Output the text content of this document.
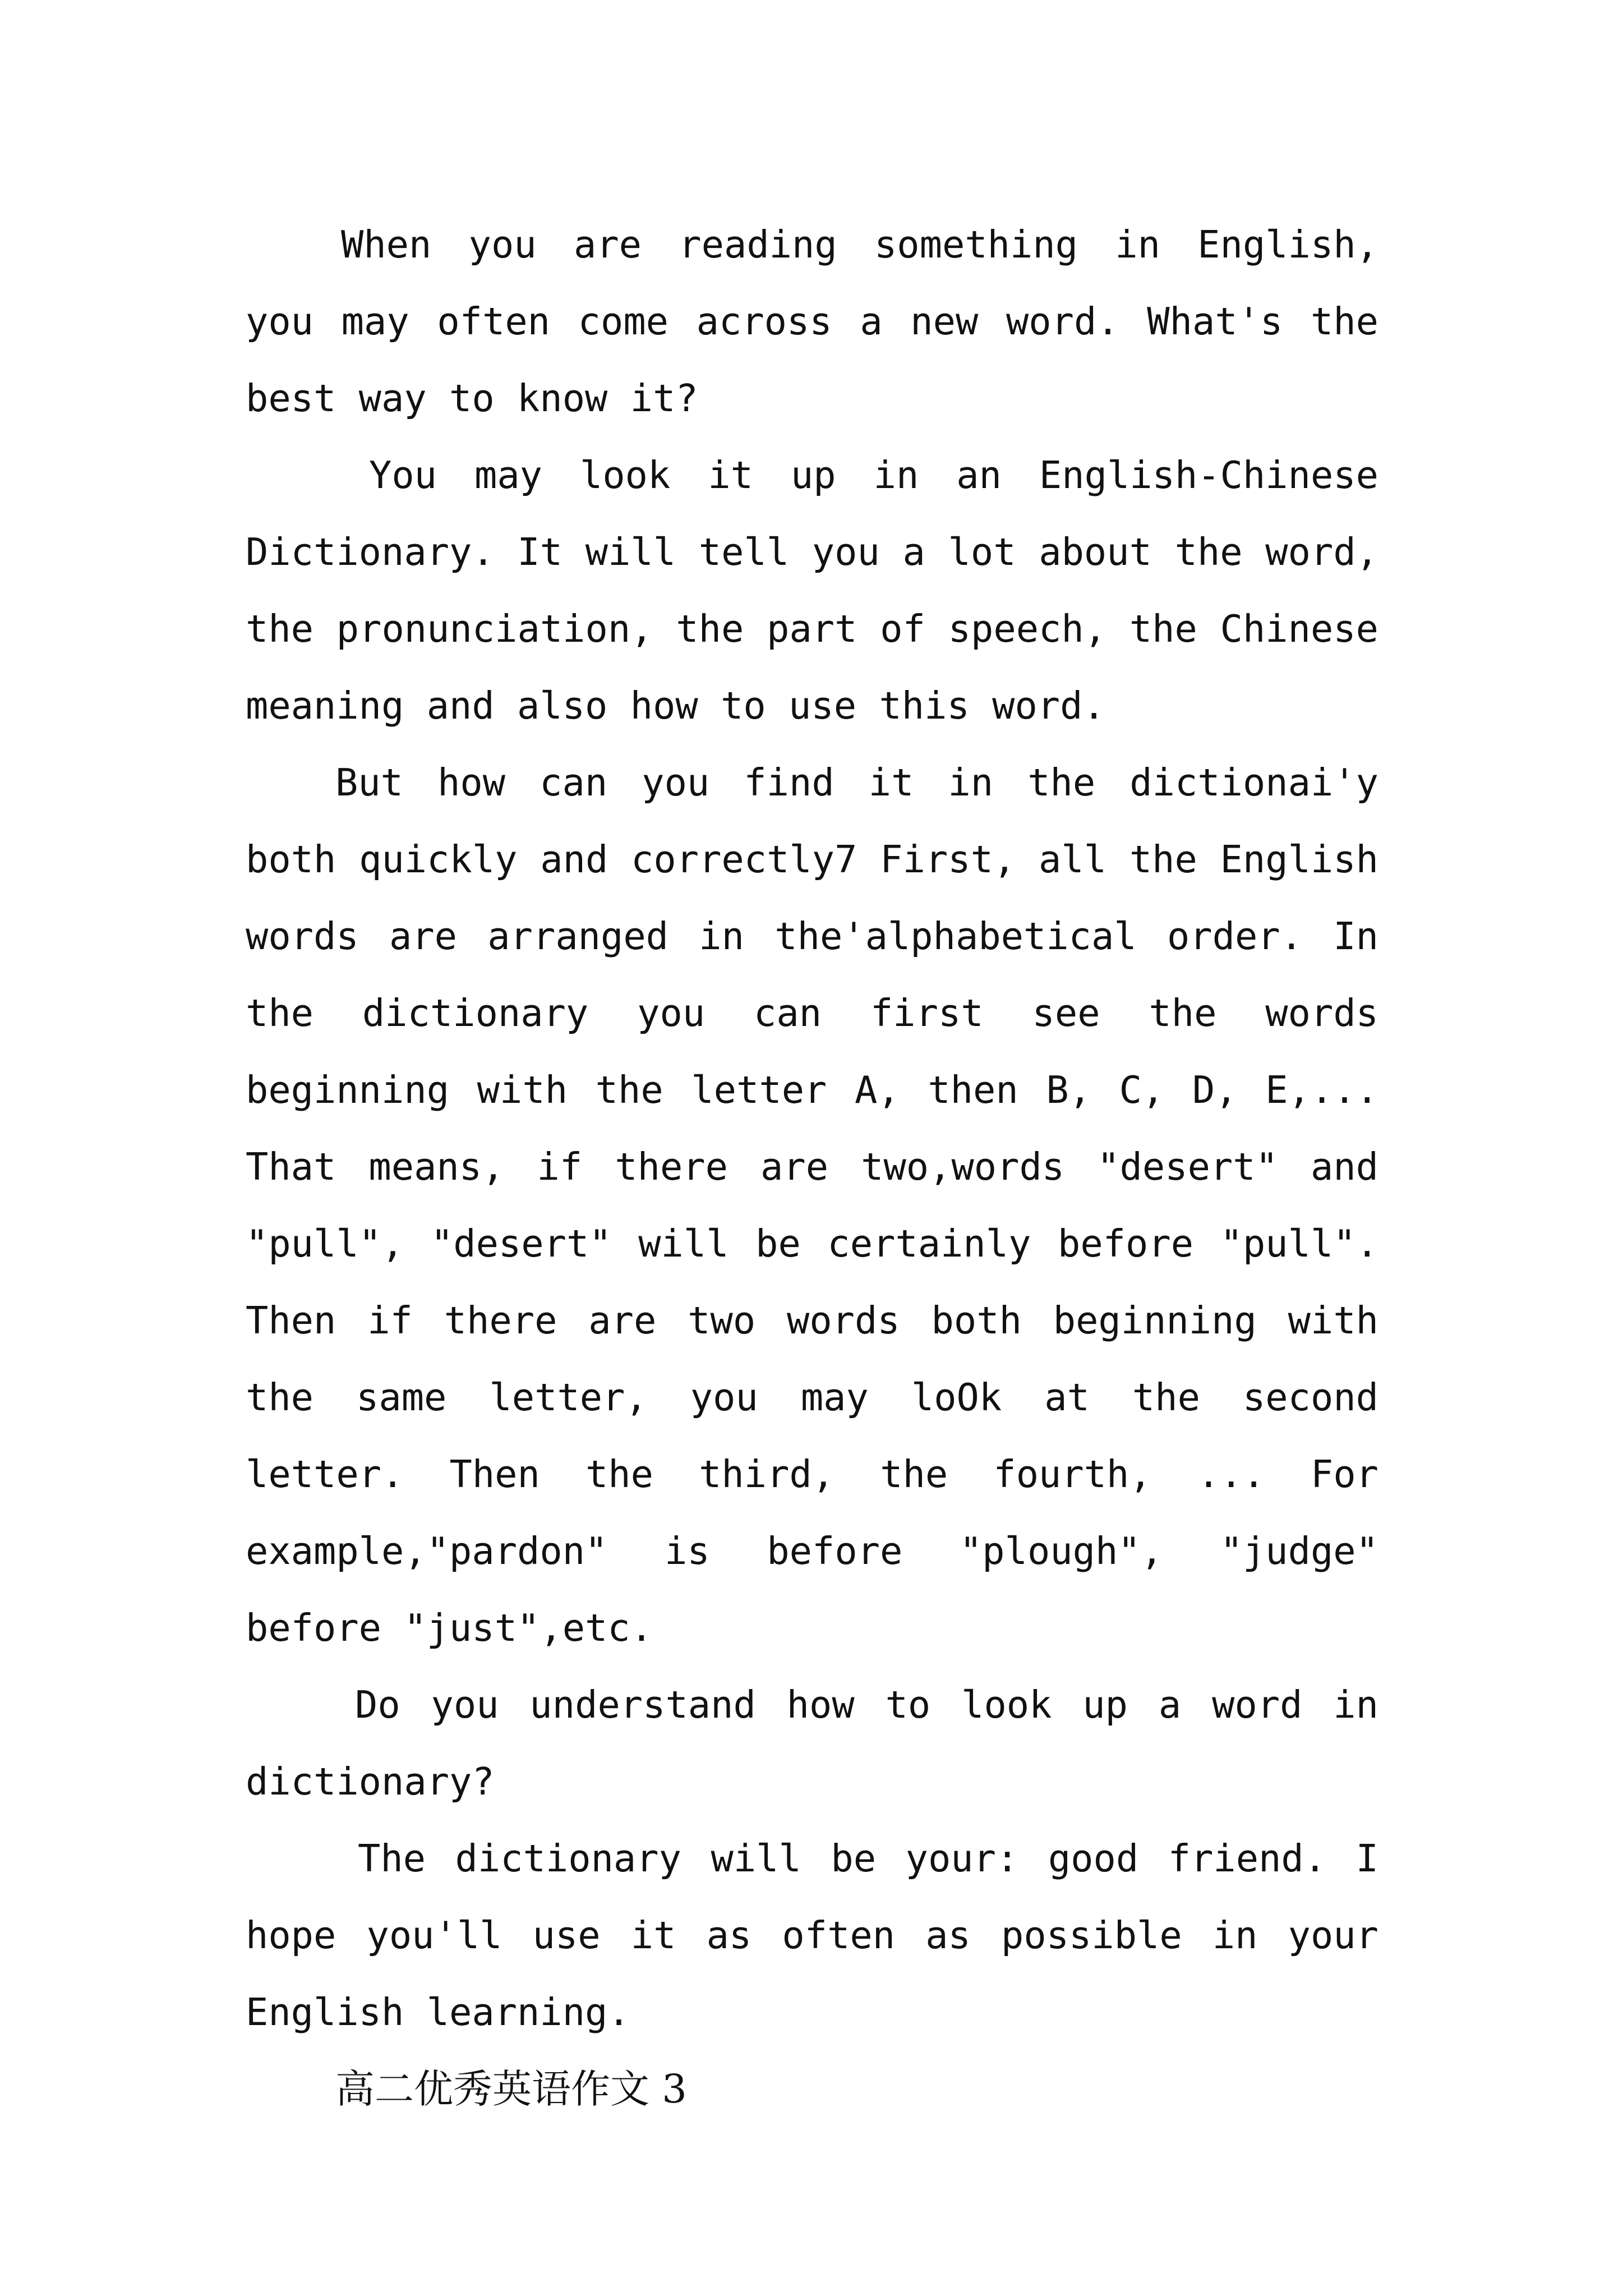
When you are reading something in English, you may often come across a new word. What's the best way to know it?

You may look it up in an English-Chinese Dictionary. It will tell you a lot about the word, the pronunciation, the part of speech, the Chinese meaning and also how to use this word.

But how can you find it in the dictionai'y both quickly and correctly7 First, all the English words are arranged in the'alphabetical order. In the dictionary you can first see the words beginning with the letter A, then B, C, D, E,... That means, if there are two,words "desert" and "pull", "desert" will be certainly before "pull". Then if there are two words both beginning with the same letter, you may loOk at the second letter. Then the third, the fourth, ... For example,"pardon" is before "plough", "judge" before "just",etc.

Do you understand how to look up a word in dictionary?

The dictionary will be your: good friend. I hope you'll use it as often as possible in your English learning.

高二优秀英语作文 3
